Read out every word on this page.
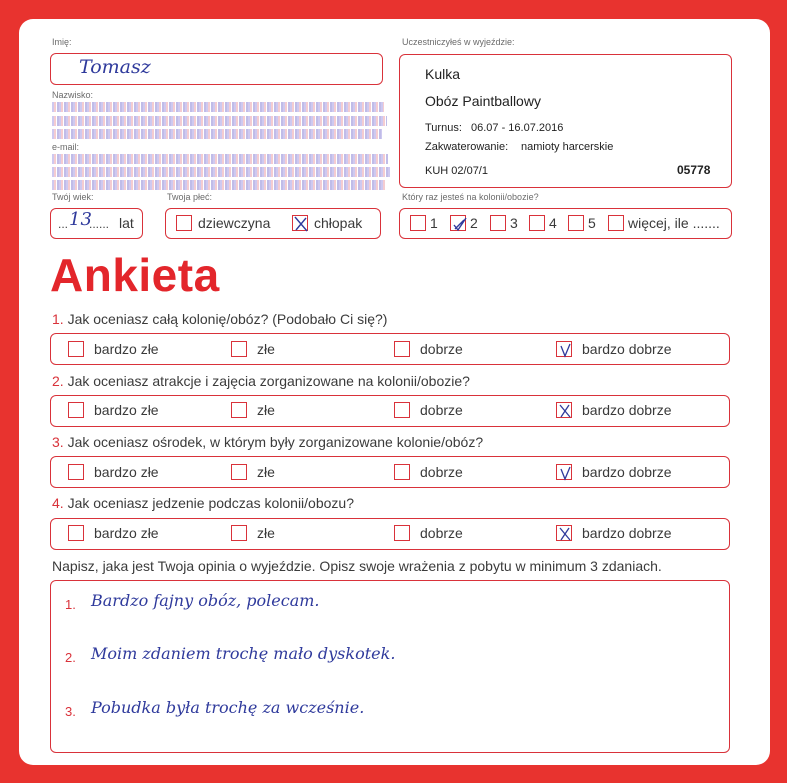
Imię:
Tomasz
Nazwisko:
e-mail:
Twój wiek:
... 13
...... lat
Twoja płeć:
dziewczyna	chłopak
Uczestniczyłeś w wyjeździe:
Kulka
Obóz Paintballowy
Turnus: 06.07 - 16.07.2016
Zakwaterowanie: namioty harcerskie
KUH 02/07/1	05778
Który raz jesteś na kolonii/obozie?
1 2 3 4 5 więcej, ile .......
Ankieta
1. Jak oceniasz całą kolonię/obóz? (Podobało Ci się?)
2. Jak oceniasz atrakcje i zajęcia zorganizowane na kolonii/obozie?
3. Jak oceniasz ośrodek, w którym były zorganizowane kolonie/obóz?
4. Jak oceniasz jedzenie podczas kolonii/obozu?
bardzo złe	złe	dobrze	bardzo dobrze
bardzo złe	złe	dobrze	bardzo dobrze
bardzo złe	złe	dobrze	bardzo dobrze
bardzo złe	złe	dobrze	bardzo dobrze
Napisz, jaka jest Twoja opinia o wyjeździe. Opisz swoje wrażenia z pobytu w minimum 3 zdaniach.
1. Bardzo fajny obóz, polecam.
2. Moim zdaniem trochę mało dyskotek.
3. Pobudka była trochę za wcześnie.
